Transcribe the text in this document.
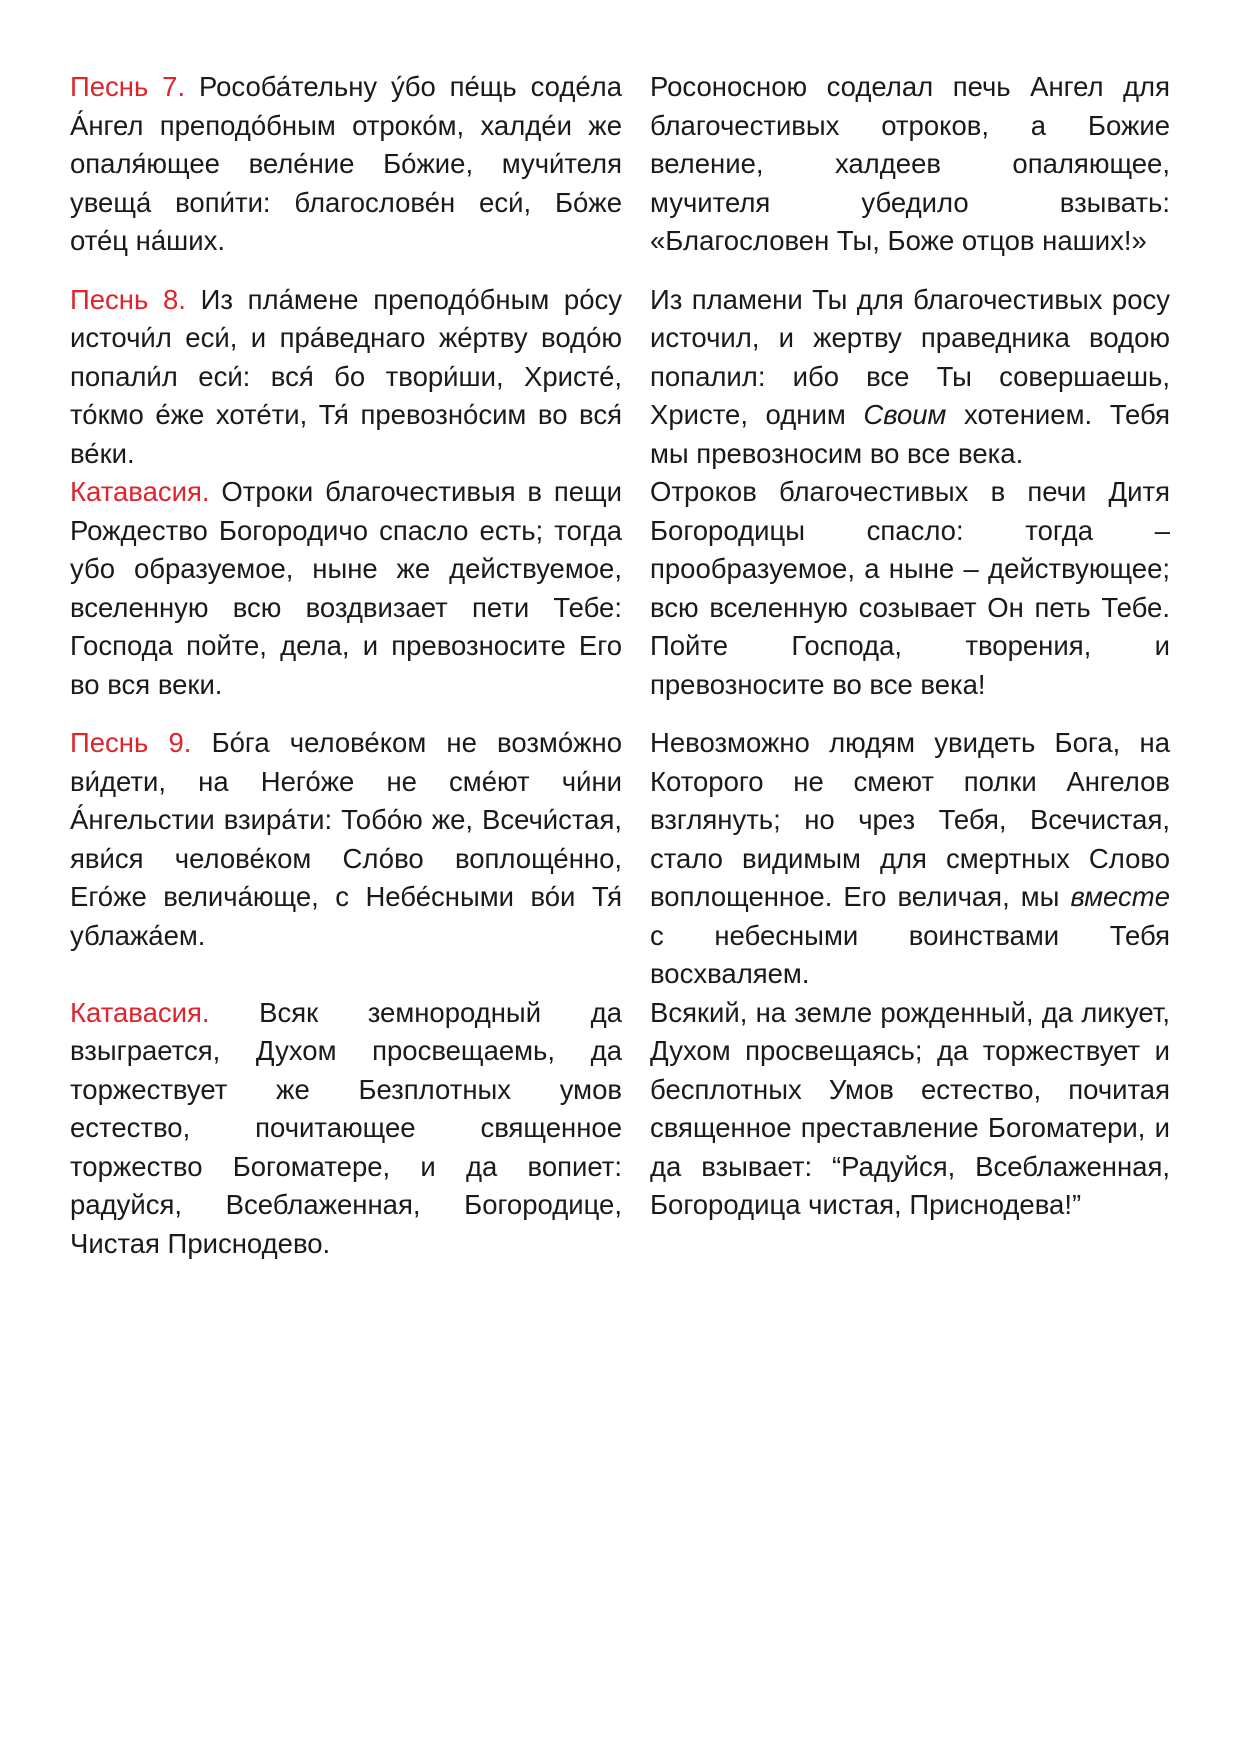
Песнь 7. Рособа́тельну у́бо пе́щь соде́ла А́нгел преподо́бным отроко́м, халде́и же опаля́ющее веле́ние Бо́жие, мучи́теля увеща́ вопи́ти: благослове́н еси́, Бо́же оте́ц на́ших.
Росоносною соделал печь Ангел для благочестивых отроков, а Божие веление, халдеев опаляющее, мучителя убедило взывать: «Благословен Ты, Боже отцов наших!»
Песнь 8. Из пла́мене преподо́бным ро́су источи́л еси́, и пра́веднаго же́ртву водо́ю попали́л еси́: вся́ бо твори́ши, Христе́, то́кмо е́же хоте́ти, Тя́ превозно́сим во вся́ ве́ки.
Из пламени Ты для благочестивых росу источил, и жертву праведника водою попалил: ибо все Ты совершаешь, Христе, одним Своим хотением. Тебя мы превозносим во все века.
Катавасия. Отроки благочестивыя в пещи Рождество Богородичо спасло есть; тогда убо образуемое, ныне же действуемое, вселенную всю воздвизает пети Тебе: Господа пойте, дела, и превозносите Его во вся веки.
Отроков благочестивых в печи Дитя Богородицы спасло: тогда – прообразуемое, а ныне – действующее; всю вселенную созывает Он петь Тебе. Пойте Господа, творения, и превозносите во все века!
Песнь 9. Бо́га челове́ком не возмо́жно ви́дети, на Него́же не сме́ют чи́ни А́нгельстии взира́ти: Тобо́ю же, Всечи́стая, яви́ся челове́ком Сло́во воплоще́нно, Его́же велича́юще, с Небе́сными во́и Тя́ ублажа́ем.
Невозможно людям увидеть Бога, на Которого не смеют полки Ангелов взглянуть; но чрез Тебя, Всечистая, стало видимым для смертных Слово воплощенное. Его величая, мы вместе с небесными воинствами Тебя восхваляем.
Катавасия. Всяк земнородный да взыграется, Духом просвещаемь, да торжествует же Безплотных умов естество, почитающее священное торжество Богоматере, и да вопиет: радуйся, Всеблаженная, Богородице, Чистая Приснодево.
Всякий, на земле рожденный, да ликует, Духом просвещаясь; да торжествует и бесплотных Умов естество, почитая священное преставление Богоматери, и да взывает: “Радуйся, Всеблаженная, Богородица чистая, Приснодева!”
